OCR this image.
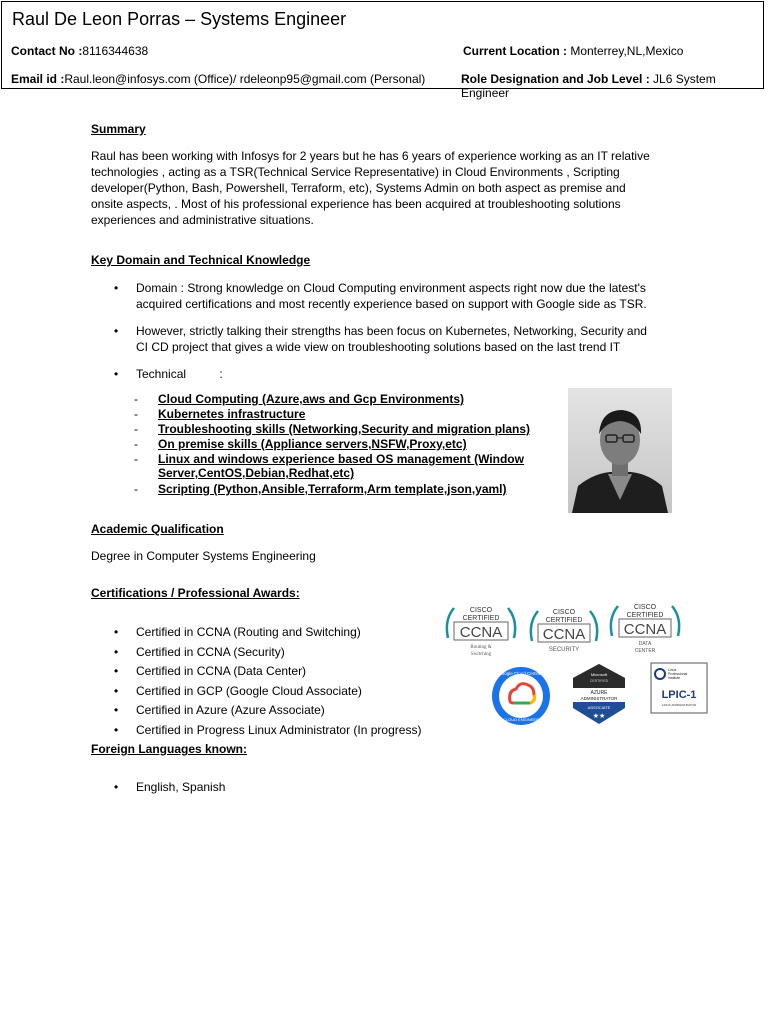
Raul De Leon Porras – Systems Engineer
Contact No :8116344638	Current Location : Monterrey,NL,Mexico
Email id :Raul.leon@infosys.com (Office)/ rdeleonp95@gmail.com (Personal)	Role Designation and Job Level : JL6 System Engineer
Summary
Raul has been working with Infosys for 2 years but he has 6 years of experience working as an IT relative
technologies , acting as a TSR(Technical Service Representative) in Cloud Environments , Scripting
developer(Python, Bash, Powershell, Terraform, etc), Systems Admin on both aspect as premise and
onsite aspects, . Most of his professional experience has been acquired at troubleshooting solutions
experiences and administrative situations.
Key Domain and Technical Knowledge
• Domain : Strong knowledge on Cloud Computing environment aspects right now due the latest's
acquired certifications and most recently experience based on support with Google side as TSR.
• However, strictly talking their strengths has been focus on Kubernetes, Networking, Security and
CI CD project that gives a wide view on troubleshooting solutions based on the last trend IT
• Technical          :
- Cloud Computing (Azure,aws and Gcp Environments)
- Kubernetes infrastructure
- Troubleshooting skills (Networking,Security and migration plans)
- On premise skills (Appliance servers,NSFW,Proxy,etc)
- Linux and windows experience based OS management (Window
Server,CentOS,Debian,Redhat,etc)
- Scripting (Python,Ansible,Terraform,Arm template,json,yaml)
Academic Qualification
Degree in Computer Systems Engineering
Certifications / Professional Awards:
• Certified in CCNA (Routing and Switching)
• Certified in CCNA (Security)
• Certified in CCNA (Data Center)
• Certified in GCP (Google Cloud Associate)
• Certified in Azure (Azure Associate)
• Certified in Progress Linux Administrator (In progress)
CISCO
CERTIFIED
CCNA
Routing &
Switching
CISCO
CERTIFIED
CCNA
SECURITY
CISCO
CERTIFIED
CCNA
DATA
CENTER
Google Cloud Certified
CLOUD ENGINEER
Microsoft
CERTIFIED
AZURE
ADMINISTRATOR
ASSOCIATE
★★
Linux
Professional
Institute
LPIC-1
LINUX ADMINISTRATOR
Foreign Languages known:
• English, Spanish
